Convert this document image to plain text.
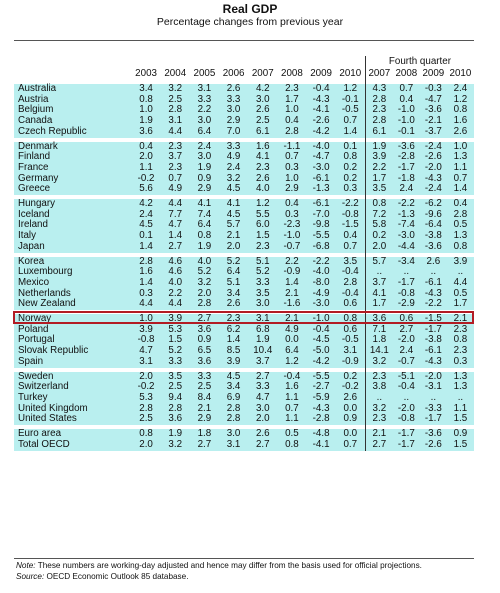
Real GDP
Percentage changes from previous year
									Fourth quarter			
	2003	2004	2005	2006	2007	2008	2009	2010	2007	2008	2009	2010

Australia	3.4	3.2	3.1	2.6	4.2	2.3	-0.4	1.2	4.3	0.7	-0.3	2.4
Austria	0.8	2.5	3.3	3.3	3.0	1.7	-4.3	-0.1	2.8	0.4	-4.7	1.2
Belgium	1.0	2.8	2.2	3.0	2.6	1.0	-4.1	-0.5	2.3	-1.0	-3.6	0.8
Canada	1.9	3.1	3.0	2.9	2.5	0.4	-2.6	0.7	2.8	-1.0	-2.1	1.6
Czech Republic	3.6	4.4	6.4	7.0	6.1	2.8	-4.2	1.4	6.1	-0.1	-3.7	2.6

Denmark	0.4	2.3	2.4	3.3	1.6	-1.1	-4.0	0.1	1.9	-3.6	-2.4	1.0
Finland	2.0	3.7	3.0	4.9	4.1	0.7	-4.7	0.8	3.9	-2.8	-2.6	1.3
France	1.1	2.3	1.9	2.4	2.3	0.3	-3.0	0.2	2.2	-1.7	-2.0	1.1
Germany	-0.2	0.7	0.9	3.2	2.6	1.0	-6.1	0.2	1.7	-1.8	-4.3	0.7
Greece	5.6	4.9	2.9	4.5	4.0	2.9	-1.3	0.3	3.5	2.4	-2.4	1.4

Hungary	4.2	4.4	4.1	4.1	1.2	0.4	-6.1	-2.2	0.8	-2.2	-6.2	0.4
Iceland	2.4	7.7	7.4	4.5	5.5	0.3	-7.0	-0.8	7.2	-1.3	-9.6	2.8
Ireland	4.5	4.7	6.4	5.7	6.0	-2.3	-9.8	-1.5	5.8	-7.4	-6.4	0.5
Italy	0.1	1.4	0.8	2.1	1.5	-1.0	-5.5	0.4	0.2	-3.0	-3.8	1.3
Japan	1.4	2.7	1.9	2.0	2.3	-0.7	-6.8	0.7	2.0	-4.4	-3.6	0.8

Korea	2.8	4.6	4.0	5.2	5.1	2.2	-2.2	3.5	5.7	-3.4	2.6	3.9
Luxembourg	1.6	4.6	5.2	6.4	5.2	-0.9	-4.0	-0.4	..	..	..	..
Mexico	1.4	4.0	3.2	5.1	3.3	1.4	-8.0	2.8	3.7	-1.7	-6.1	4.4
Netherlands	0.3	2.2	2.0	3.4	3.5	2.1	-4.9	-0.4	4.1	-0.8	-4.3	0.5
New Zealand	4.4	4.4	2.8	2.6	3.0	-1.6	-3.0	0.6	1.7	-2.9	-2.2	1.7

Norway	1.0	3.9	2.7	2.3	3.1	2.1	-1.0	0.8	3.6	0.6	-1.5	2.1
Poland	3.9	5.3	3.6	6.2	6.8	4.9	-0.4	0.6	7.1	2.7	-1.7	2.3
Portugal	-0.8	1.5	0.9	1.4	1.9	0.0	-4.5	-0.5	1.8	-2.0	-3.8	0.8
Slovak Republic	4.7	5.2	6.5	8.5	10.4	6.4	-5.0	3.1	14.1	2.4	-6.1	2.3
Spain	3.1	3.3	3.6	3.9	3.7	1.2	-4.2	-0.9	3.2	-0.7	-4.3	0.3

Sweden	2.0	3.5	3.3	4.5	2.7	-0.4	-5.5	0.2	2.3	-5.1	-2.0	1.3
Switzerland	-0.2	2.5	2.5	3.4	3.3	1.6	-2.7	-0.2	3.8	-0.4	-3.1	1.3
Turkey	5.3	9.4	8.4	6.9	4.7	1.1	-5.9	2.6	..	..	..	..
United Kingdom	2.8	2.8	2.1	2.8	3.0	0.7	-4.3	0.0	3.2	-2.0	-3.3	1.1
United States	2.5	3.6	2.9	2.8	2.0	1.1	-2.8	0.9	2.3	-0.8	-1.7	1.5

Euro area	0.8	1.9	1.8	3.0	2.6	0.5	-4.8	0.0	2.1	-1.7	-3.6	0.9
Total OECD	2.0	3.2	2.7	3.1	2.7	0.8	-4.1	0.7	2.7	-1.7	-2.6	1.5
Note: These numbers are working-day adjusted and hence may differ from the basis used for official projections.
Source: OECD Economic Outlook 85 database.
